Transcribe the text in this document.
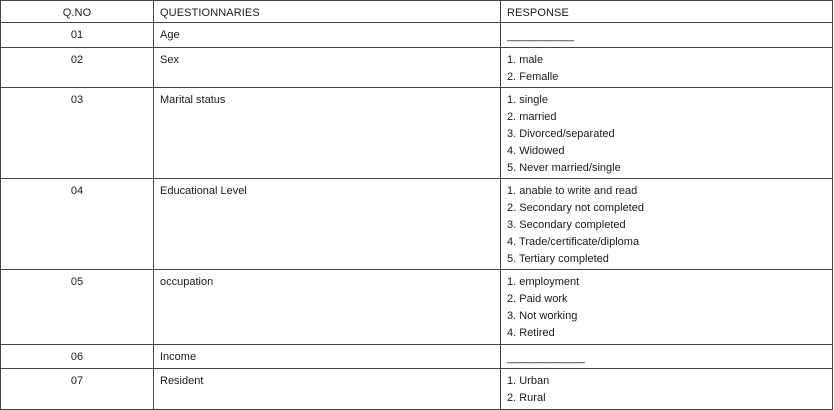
Q.NO	QUESTIONNARIES	RESPONSE
01	Age	____________

02	Sex	1. male
2. Femalle

03	Marital status	1. single
2. married
3. Divorced/separated
4. Widowed
5. Never married/single

04	Educational Level	1. anable to write and read
2. Secondary not completed
3. Secondary completed
4. Trade/certificate/diploma
5. Tertiary completed

05	occupation	1. employment
2. Paid work
3. Not working
4. Retired

06	Income	______________

07	Resident	1. Urban
2. Rural
